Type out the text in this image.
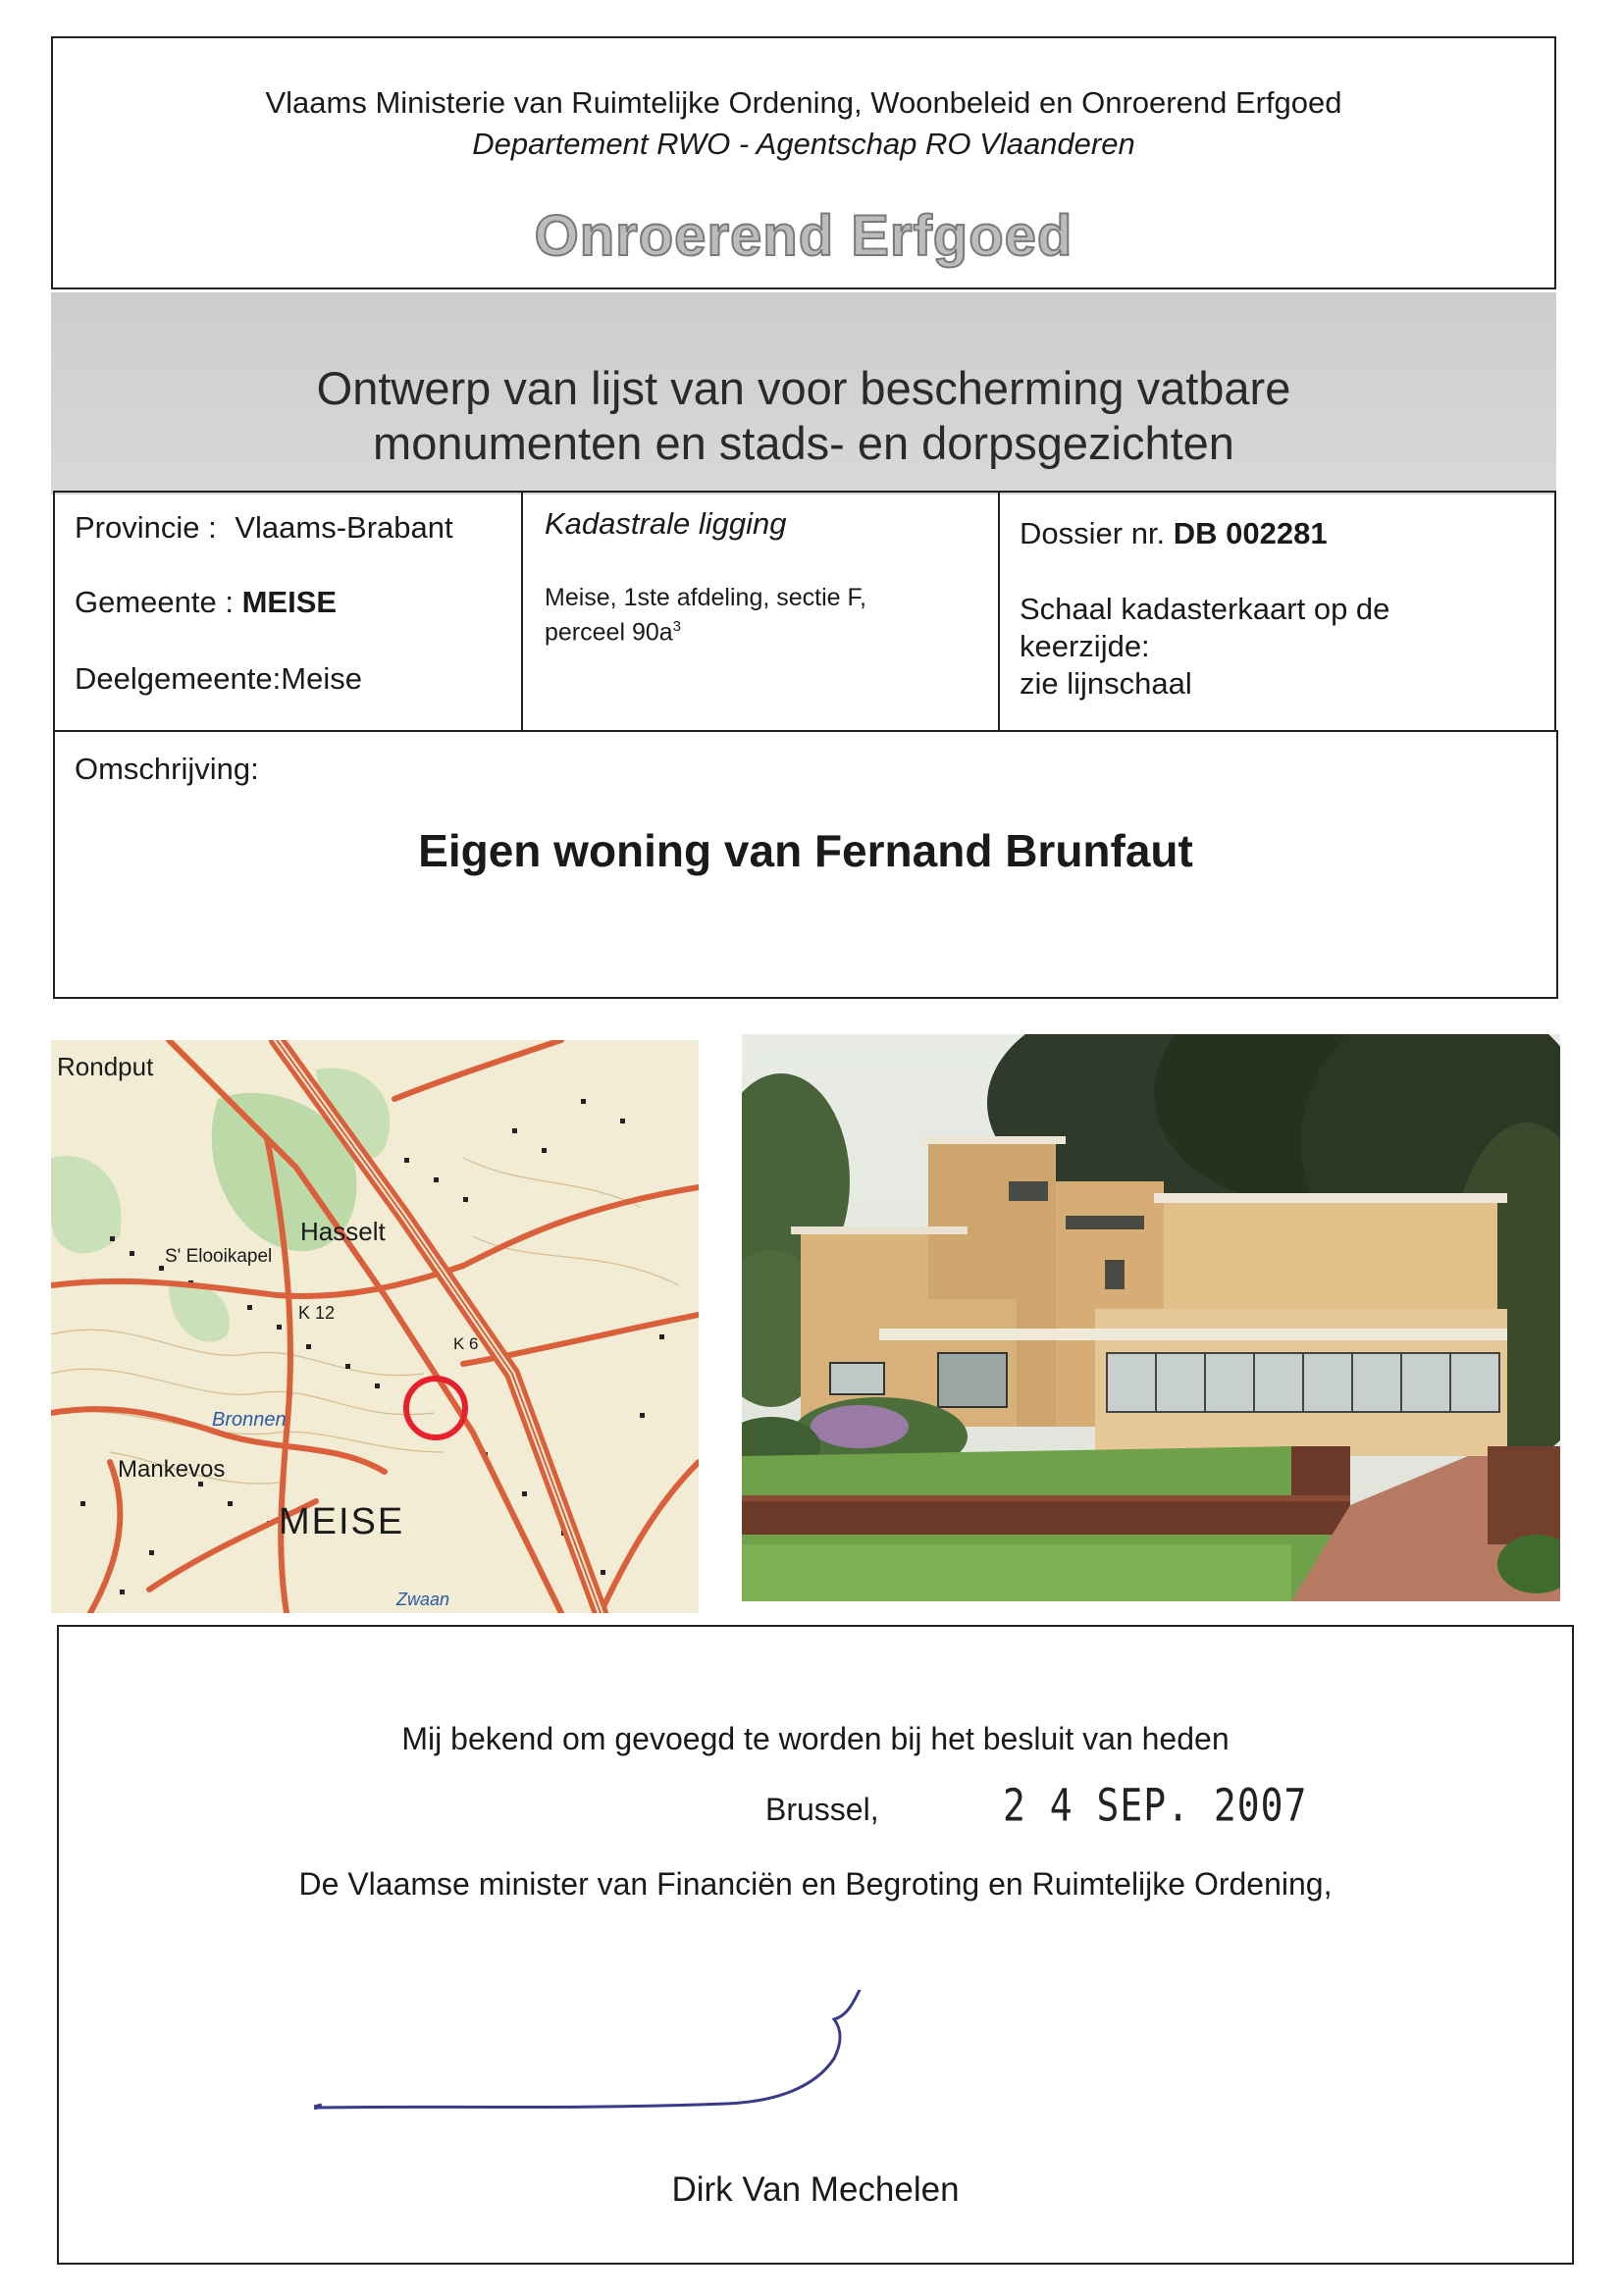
Vlaams Ministerie van Ruimtelijke Ordening, Woonbeleid en Onroerend Erfgoed
Departement RWO - Agentschap RO Vlaanderen
Onroerend Erfgoed
Ontwerp van lijst van voor bescherming vatbare
monumenten en stads- en dorpsgezichten
Provincie : Vlaams-Brabant
Gemeente : MEISE
Deelgemeente:Meise
Kadastrale ligging
Meise, 1ste afdeling, sectie F,
perceel $90a^3$
Dossier nr. DB 002281
Schaal kadasterkaart op de
keerzijde:
zie lijnschaal
Omschrijving:
Eigen woning van Fernand Brunfaut
Rondput
Hasselt
S' Elooikapel
K 12
K 6
Bronnen
Mankevos
MEISE
Zwaan
Mij bekend om gevoegd te worden bij het besluit van heden
Brussel,	2 4 SEP. 2007
De Vlaamse minister van Financiën en Begroting en Ruimtelijke Ordening,
Dirk Van Mechelen
